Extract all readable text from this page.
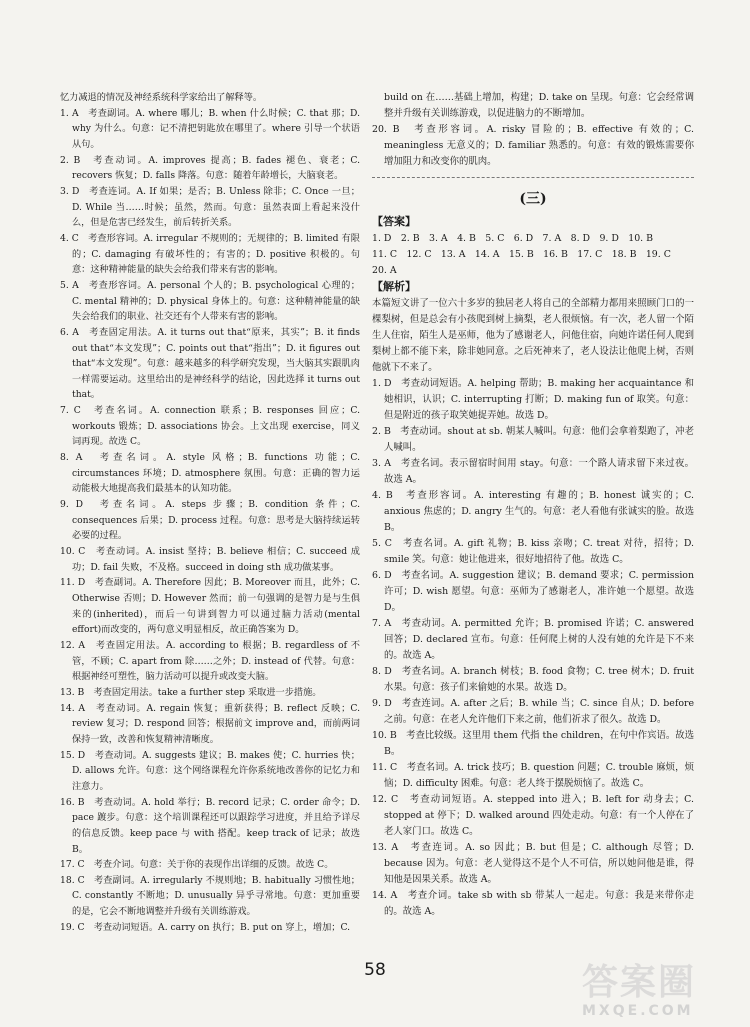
忆力减退的情况及神经系统科学家给出了解释等。

1. A　考查副词。A. where 哪儿；B. when 什么时候；C. that 那；D. why 为什么。句意：记不清把钥匙放在哪里了。where 引导一个状语从句。

2. B　考查动词。A. improves 提高；B. fades 褪色、衰老；C. recovers 恢复；D. falls 降落。句意：随着年龄增长，大脑衰老。

3. D　考查连词。A. If 如果；是否；B. Unless 除非；C. Once 一旦；D. While 当……时候；虽然，然而。句意：虽然表面上看起来没什么，但是危害已经发生，前后转折关系。

4. C　考查形容词。A. irregular 不规则的；无规律的；B. limited 有限的；C. damaging 有破坏性的；有害的；D. positive 积极的。句意：这种精神能量的缺失会给我们带来有害的影响。

5. A　考查形容词。A. personal 个人的；B. psychological 心理的；C. mental 精神的；D. physical 身体上的。句意：这种精神能量的缺失会给我们的职业、社交还有个人带来有害的影响。

6. A　考查固定用法。A. it turns out that“原来，其实”；B. it finds out that“本文发现”；C. points out that“指出”；D. it figures out that“本文发现”。句意：越来越多的科学研究发现，当大脑其实跟肌肉一样需要运动。这里给出的是神经科学的结论，因此选择 it turns out that。

7. C　考查名词。A. connection 联系；B. responses 回应；C. workouts 锻炼；D. associations 协会。上文出现 exercise，同义词再现。故选 C。

8. A　考查名词。A. style 风格；B. functions 功能；C. circumstances 环境；D. atmosphere 氛围。句意：正确的智力运动能极大地提高我们最基本的认知功能。

9. D　考查名词。A. steps 步骤；B. condition 条件；C. consequences 后果；D. process 过程。句意：思考是大脑持续运转必要的过程。

10. C　考查动词。A. insist 坚持；B. believe 相信；C. succeed 成功；D. fail 失败，不及格。succeed in doing sth 成功做某事。

11. D　考查副词。A. Therefore 因此；B. Moreover 而且，此外；C. Otherwise 否则；D. However 然而；前一句强调的是智力是与生俱来的(inherited)，而后一句讲到智力可以通过脑力活动(mental effort)而改变的，两句意义明显相反，故正确答案为 D。

12. A　考查固定用法。A. according to 根据；B. regardless of 不管，不顾；C. apart from 除……之外；D. instead of 代替。句意：根据神经可塑性，脑力活动可以提升或改变大脑。

13. B　考查固定用法。take a further step 采取进一步措施。

14. A　考查动词。A. regain 恢复；重新获得；B. reflect 反映；C. review 复习；D. respond 回答；根据前文 improve and，而前两词保持一致，改善和恢复精神清晰度。

15. D　考查动词。A. suggests 建议；B. makes 使；C. hurries 快；D. allows 允许。句意：这个网络课程允许你系统地改善你的记忆力和注意力。

16. B　考查动词。A. hold 举行；B. record 记录；C. order 命令；D. pace 踱步。句意：这个培训课程还可以跟踪学习进度，并且给予详尽的信息反馈。keep pace 与 with 搭配。keep track of 记录；故选 B。

17. C　考查介词。句意：关于你的表现作出详细的反馈。故选 C。

18. C　考查副词。A. irregularly 不规则地；B. habitually 习惯性地；C. constantly 不断地；D. unusually 异乎寻常地。句意：更加重要的是，它会不断地调整并升级有关训练游戏。

19. C　考查动词短语。A. carry on 执行；B. put on 穿上，增加；C.

build on 在……基础上增加，构建；D. take on 呈现。句意：它会经常调整并升级有关训练游戏，以促进脑力的不断增加。

20. B　考查形容词。A. risky 冒险的；B. effective 有效的；C. meaningless 无意义的；D. familiar 熟悉的。句意：有效的锻炼需要你增加阻力和改变你的肌肉。

(三)

【答案】

1. D　2. B　3. A　4. B　5. C　6. D　7. A　8. D　9. D　10. B

11. C　12. C　13. A　14. A　15. B　16. B　17. C　18. B　19. C

20. A

【解析】

本篇短文讲了一位六十多岁的独居老人将自己的全部精力都用来照顾门口的一棵梨树，但是总会有小孩爬到树上摘梨，老人很烦恼。有一次，老人留一个陌生人住宿，陌生人是巫师，他为了感谢老人，问他住宿，向她许诺任何人爬到梨树上都不能下来，除非她同意。之后死神来了，老人设法让他爬上树，否则他就下不来了。

1. D　考查动词短语。A. helping 帮助；B. making her acquaintance 和她相识，认识；C. interrupting 打断；D. making fun of 取笑。句意：但是附近的孩子取笑她捉弄她。故选 D。

2. B　考查动词。shout at sb. 朝某人喊叫。句意：他们会拿着梨跑了，冲老人喊叫。

3. A　考查名词。表示留宿时间用 stay。句意：一个路人请求留下来过夜。故选 A。

4. B　考查形容词。A. interesting 有趣的；B. honest 诚实的；C. anxious 焦虑的；D. angry 生气的。句意：老人看他有张诚实的脸。故选 B。

5. C　考查名词。A. gift 礼物；B. kiss 亲吻；C. treat 对待，招待；D. smile 笑。句意：她让他进来，很好地招待了他。故选 C。

6. D　考查名词。A. suggestion 建议；B. demand 要求；C. permission 许可；D. wish 愿望。句意：巫师为了感谢老人，准许她一个愿望。故选 D。

7. A　考查动词。A. permitted 允许；B. promised 许诺；C. answered 回答；D. declared 宣布。句意：任何爬上树的人没有她的允许是下不来的。故选 A。

8. D　考查名词。A. branch 树枝；B. food 食物；C. tree 树木；D. fruit 水果。句意：孩子们来偷她的水果。故选 D。

9. D　考查连词。A. after 之后；B. while 当；C. since 自从；D. before 之前。句意：在老人允许他们下来之前，他们祈求了很久。故选 D。

10. B　考查比较级。这里用 them 代指 the children，在句中作宾语。故选 B。

11. C　考查名词。A. trick 技巧；B. question 问题；C. trouble 麻烦，烦恼；D. difficulty 困难。句意：老人终于摆脱烦恼了。故选 C。

12. C　考查动词短语。A. stepped into 进入；B. left for 动身去；C. stopped at 停下；D. walked around 四处走动。句意：有一个人停在了老人家门口。故选 C。

13. A　考查连词。A. so 因此；B. but 但是；C. although 尽管；D. because 因为。句意：老人觉得这不是个人不可信，所以她问他是谁，得知他是因果关系。故选 A。

14. A　考查介词。take sb with sb 带某人一起走。句意：我是来带你走的。故选 A。

58	答案圈
MXQE.COM
